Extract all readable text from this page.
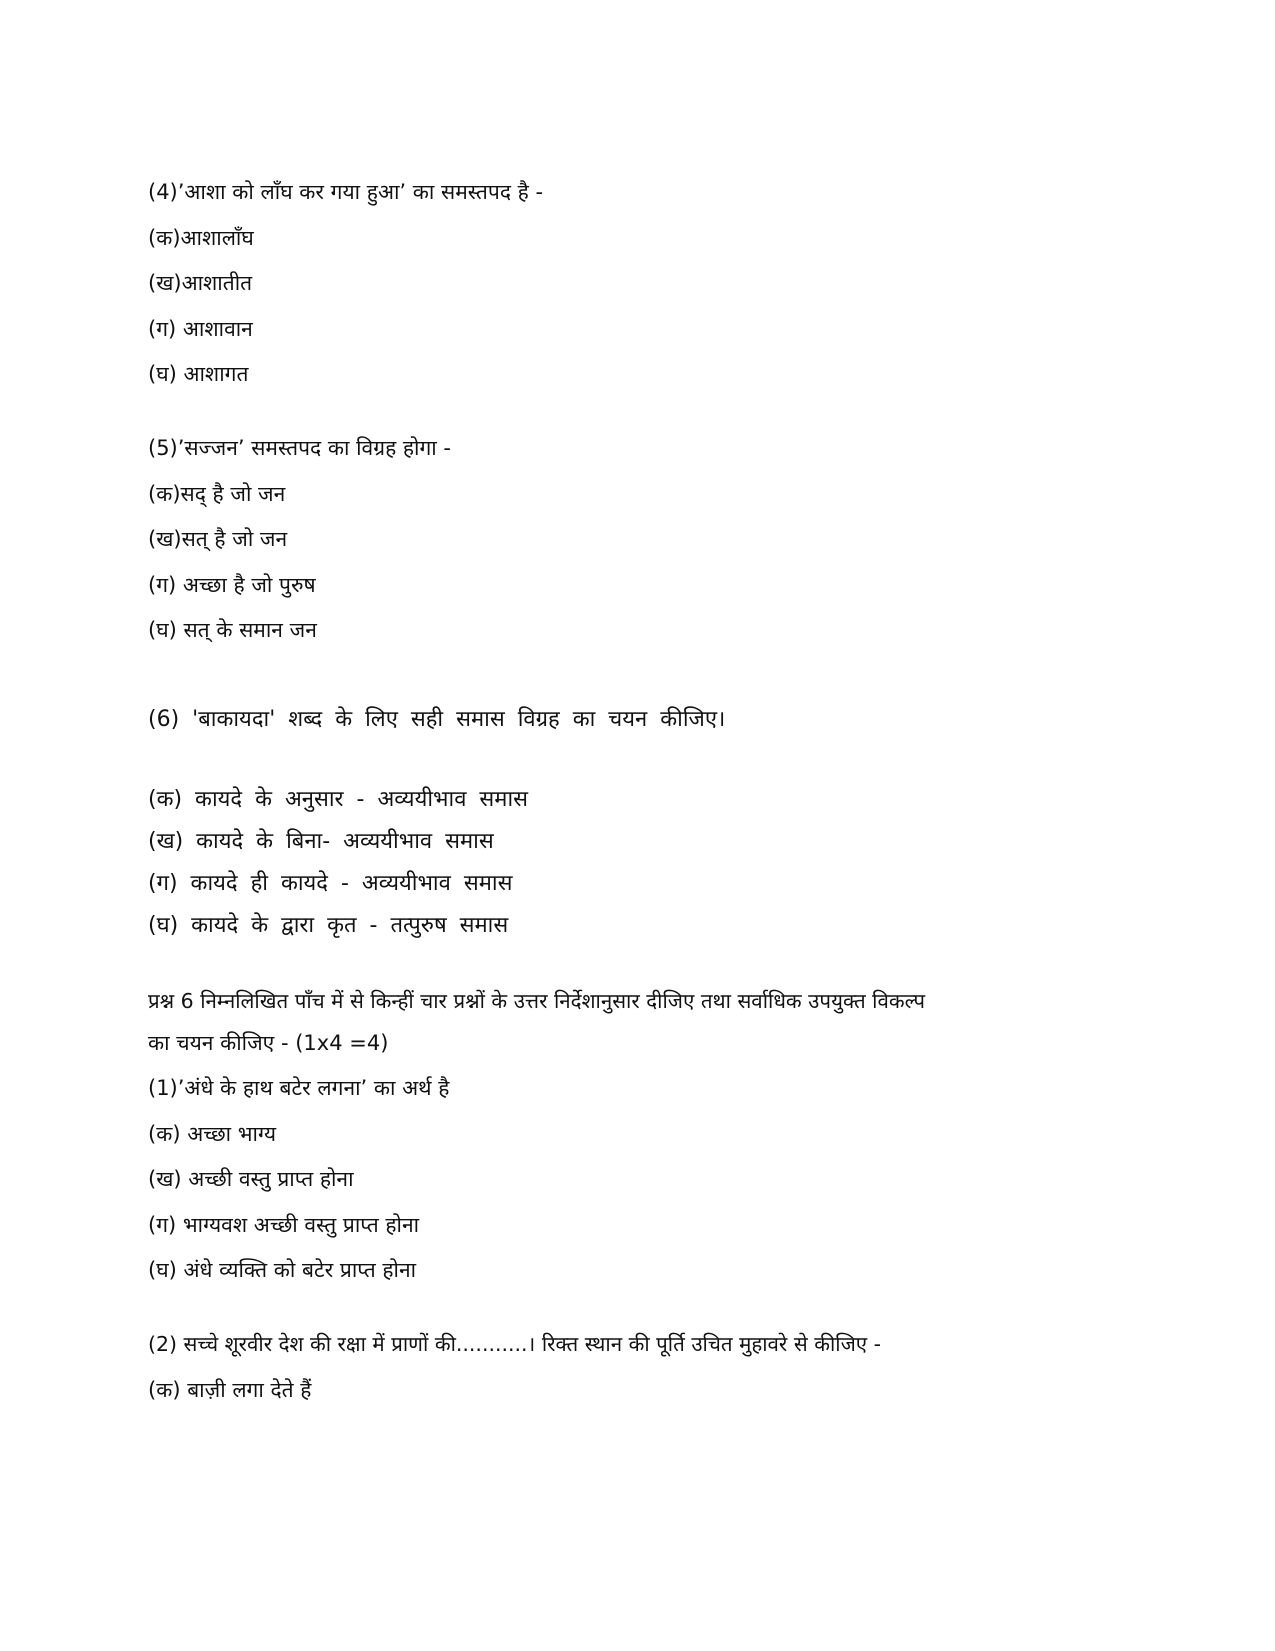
(4)’आशा को लाँघ कर गया हुआ’ का समस्तपद है -
(क)आशालाँघ
(ख)आशातीत
(ग) आशावान
(घ) आशागत
(5)’सज्जन’ समस्तपद का विग्रह होगा -
(क)सद् है जो जन
(ख)सत् है जो जन
(ग) अच्छा है जो पुरुष
(घ) सत् के समान जन
(6) 'बाकायदा' शब्द के लिए सही समास विग्रह का चयन कीजिए।
(क) कायदे के अनुसार - अव्ययीभाव समास
(ख) कायदे के बिना- अव्ययीभाव समास
(ग) कायदे ही कायदे - अव्ययीभाव समास
(घ) कायदे के द्वारा कृत - तत्पुरुष समास
प्रश्न 6 निम्नलिखित पाँच में से किन्हीं चार प्रश्नों के उत्तर निर्देशानुसार दीजिए तथा सर्वाधिक उपयुक्त विकल्प
का चयन कीजिए - (1x4 =4)
(1)’अंधे के हाथ बटेर लगना’ का अर्थ है
(क) अच्छा भाग्य
(ख) अच्छी वस्तु प्राप्त होना
(ग) भाग्यवश अच्छी वस्तु प्राप्त होना
(घ) अंधे व्यक्ति को बटेर प्राप्त होना
(2) सच्चे शूरवीर देश की रक्षा में प्राणों की...........। रिक्त स्थान की पूर्ति उचित मुहावरे से कीजिए -
(क) बाज़ी लगा देते हैं
